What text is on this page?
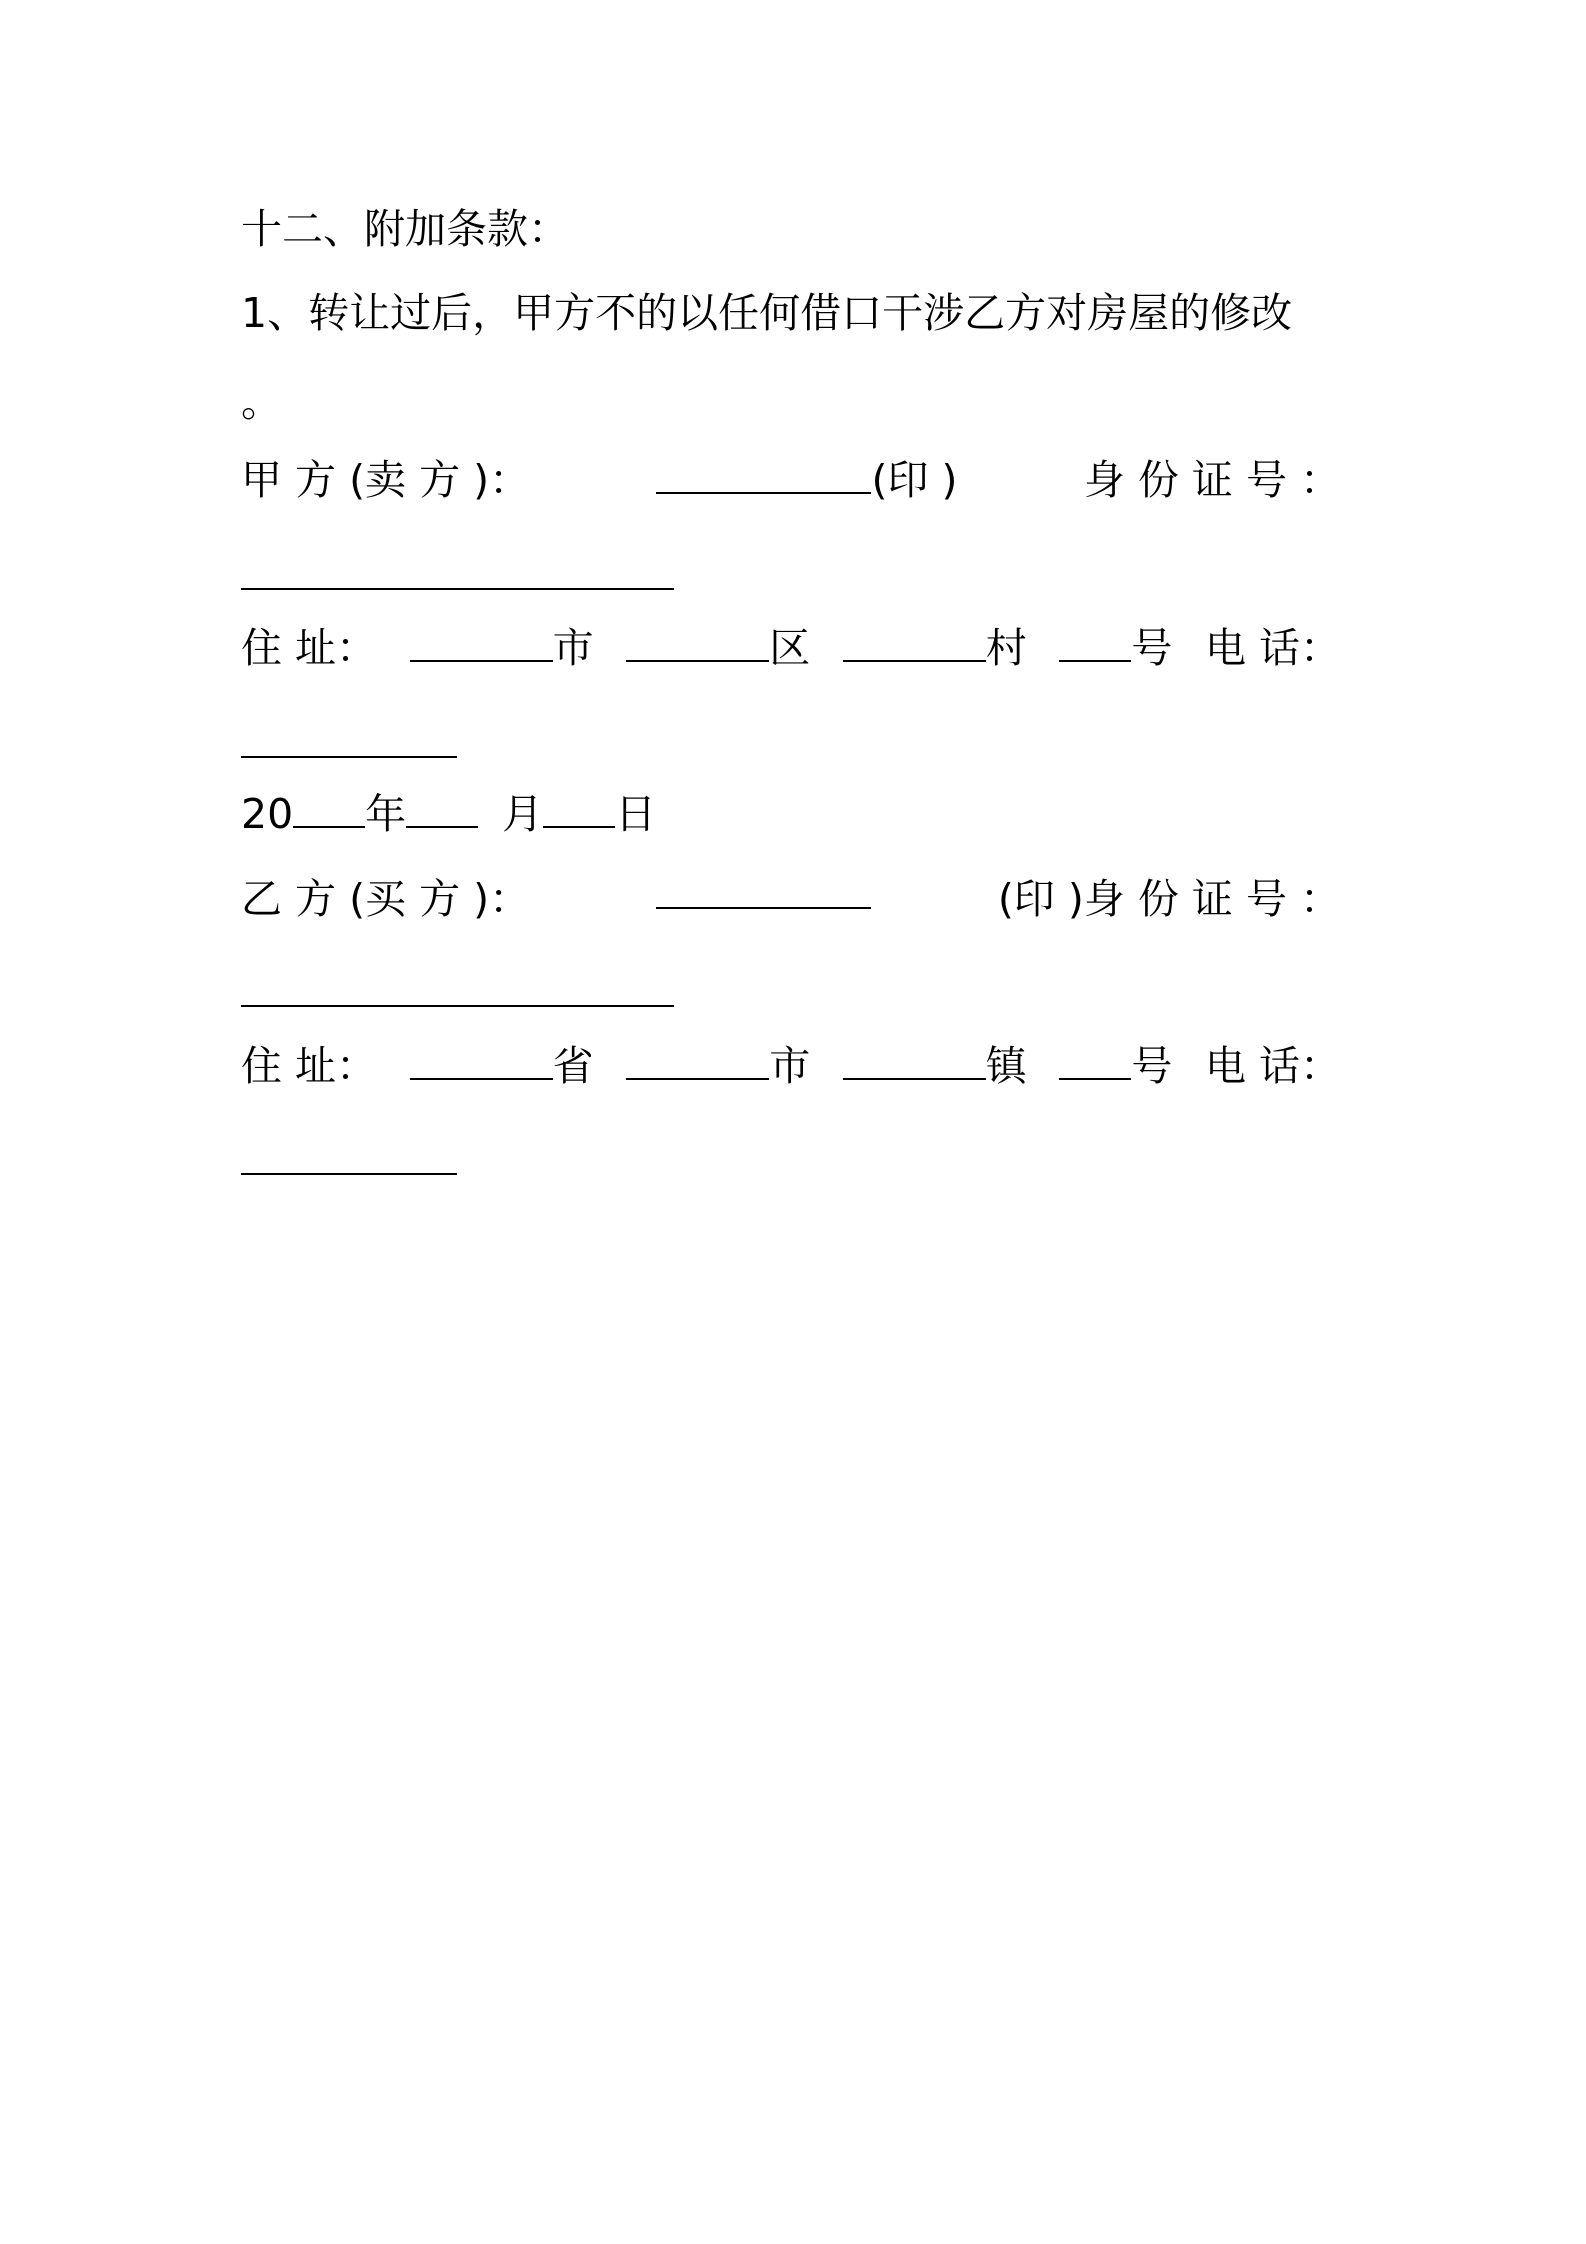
十二、附加条款：
1、转让过后，甲方不的以任何借口干涉乙方对房屋的修改
。
甲 方 (卖 方 )：	(印 )	身 份 证 号 ：
住 址：	市	区	村	号 电 话：
20 年 月 日
乙 方 (买 方 )：	(印 )身 份 证 号 ：
住 址：	省	市	镇	号 电 话：
